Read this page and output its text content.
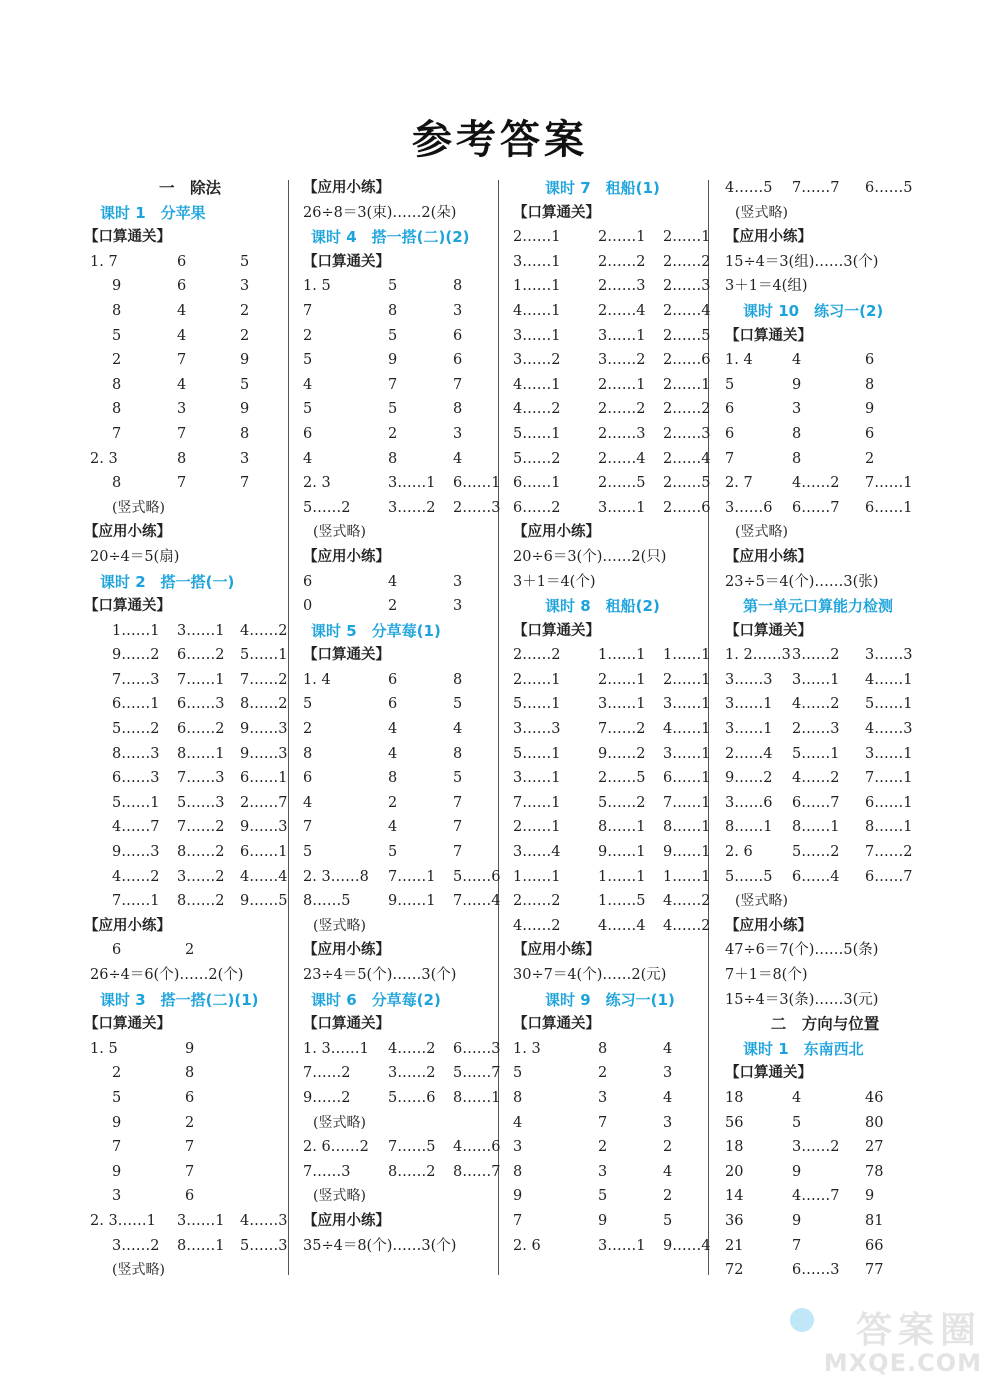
参考答案
一　除法
课时 1　分苹果
【口算通关】
1. 7	6	5
9	6	3
8	4	2
5	4	2
2	7	9
8	4	5
8	3	9
7	7	8
2. 3	8	3
8	7	7
(竖式略)
【应用小练】
20÷4＝5(扇)
课时 2　搭一搭(一)
【口算通关】
1……1 3……1 4……2
9……2 6……2 5……1
7……3 7……1 7……2
6……1 6……3 8……2
5……2 6……2 9……3
8……3 8……1 9……3
6……3 7……3 6……1
5……1 5……3 2……7
4……7 7……2 9……3
9……3 8……2 6……1
4……2 3……2 4……4
7……1 8……2 9……5
【应用小练】
6	2
26÷4＝6(个)……2(个)
课时 3　搭一搭(二)(1)
【口算通关】
1. 5	9
2	8
5	6
9	2
7	7
9	7
3	6
2. 3……1 3……1 4……3
3……2 8……1 5……3
(竖式略)
【应用小练】
26÷8＝3(束)……2(朵)
课时 4　搭一搭(二)(2)
【口算通关】
1. 5	5	8
7	8	3
2	5	6
5	9	6
4	7	7
5	5	8
6	2	3
4	8	4
2. 3	3……1 6……1
5……2	3……2 2……3
(竖式略)
【应用小练】
6	4	3
0	2	3
课时 5　分草莓(1)
【口算通关】
1. 4	6	8
5	6	5
2	4	4
8	4	8
6	8	5
4	2	7
7	4	7
5	5	7
2. 3……8 7……1 5……6
8……5	9……1 7……4
(竖式略)
【应用小练】
23÷4＝5(个)……3(个)
课时 6　分草莓(2)
【口算通关】
1. 3……1 4……2 6……3
7……2	3……2 5……7
9……2	5……6 8……1
(竖式略)
2. 6……2 7……5 4……6
7……3	8……2 8……7
(竖式略)
【应用小练】
35÷4＝8(个)……3(个)
课时 7　租船(1)
【口算通关】
2……1	2……1 2……1
3……1	2……2 2……2
1……1	2……3 2……3
4……1	2……4 2……4
3……1	3……1 2……5
3……2	3……2 2……6
4……1	2……1 2……1
4……2	2……2 2……2
5……1	2……3 2……3
5……2	2……4 2……4
6……1	2……5 2……5
6……2	3……1 2……6
【应用小练】
20÷6＝3(个)……2(只)
3＋1＝4(个)
课时 8　租船(2)
【口算通关】
2……2	1……1 1……1
2……1	2……1 2……1
5……1	3……1 3……1
3……3	7……2 4……1
5……1	9……2 3……1
3……1	2……5 6……1
7……1	5……2 7……1
2……1	8……1 8……1
3……4	9……1 9……1
1……1	1……1 1……1
2……2	1……5 4……2
4……2	4……4 4……2
【应用小练】
30÷7＝4(个)……2(元)
课时 9　练习一(1)
【口算通关】
1. 3	8	4
5	2	3
8	3	4
4	7	3
3	2	2
8	3	4
9	5	2
7	9	5
2. 6	3……1 9……4
4……5 7……7 6……5
(竖式略)
【应用小练】
15÷4＝3(组)……3(个)
3＋1＝4(组)
课时 10　练习一(2)
【口算通关】
1. 4	4	6
5	9	8
6	3	9
6	8	6
7	8	2
2. 7	4……2 7……1
3……6 6……7 6……1
(竖式略)
【应用小练】
23÷5＝4(个)……3(张)
第一单元口算能力检测
【口算通关】
1. 2……3 3……2 3……3
3……3 3……1 4……1
3……1 4……2 5……1
3……1 2……3 4……3
2……4 5……1 3……1
9……2 4……2 7……1
3……6 6……7 6……1
8……1 8……1 8……1
2. 6	5……2 7……2
5……5 6……4 6……7
(竖式略)
【应用小练】
47÷6＝7(个)……5(条)
7＋1＝8(个)
15÷4＝3(条)……3(元)
二　方向与位置
课时 1　东南西北
【口算通关】
18	4	46
56	5	80
18	3……2 27
20	9	78
14	4……7 9
36	9	81
21	7	66
72	6……3 77
答案圈
MXQE.COM
